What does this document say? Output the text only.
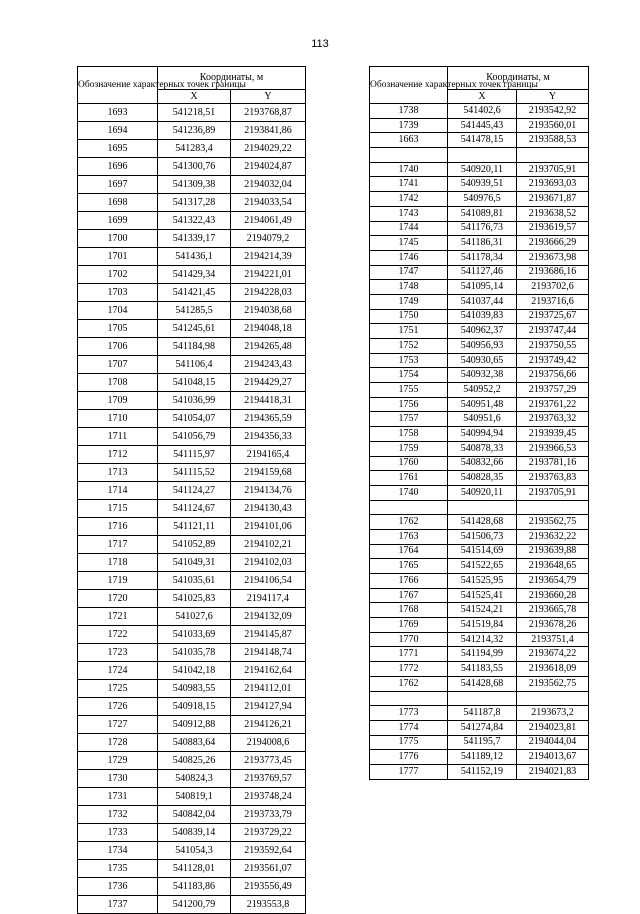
113
Обозначение характерных точек границы	Координаты, м	
	X	Y
1693	541218,51	2193768,87
1694	541236,89	2193841,86
1695	541283,4	2194029,22
1696	541300,76	2194024,87
1697	541309,38	2194032,04
1698	541317,28	2194033,54
1699	541322,43	2194061,49
1700	541339,17	2194079,2
1701	541436,1	2194214,39
1702	541429,34	2194221,01
1703	541421,45	2194228,03
1704	541285,5	2194038,68
1705	541245,61	2194048,18
1706	541184,98	2194265,48
1707	541106,4	2194243,43
1708	541048,15	2194429,27
1709	541036,99	2194418,31
1710	541054,07	2194365,59
1711	541056,79	2194356,33
1712	541115,97	2194165,4
1713	541115,52	2194159,68
1714	541124,27	2194134,76
1715	541124,67	2194130,43
1716	541121,11	2194101,06
1717	541052,89	2194102,21
1718	541049,31	2194102,03
1719	541035,61	2194106,54
1720	541025,83	2194117,4
1721	541027,6	2194132,09
1722	541033,69	2194145,87
1723	541035,78	2194148,74
1724	541042,18	2194162,64
1725	540983,55	2194112,01
1726	540918,15	2194127,94
1727	540912,88	2194126,21
1728	540883,64	2194008,6
1729	540825,26	2193773,45
1730	540824,3	2193769,57
1731	540819,1	2193748,24
1732	540842,04	2193733,79
1733	540839,14	2193729,22
1734	541054,3	2193592,64
1735	541128,01	2193561,07
1736	541183,86	2193556,49
1737	541200,79	2193553,8
Обозначение характерных точек границы	Координаты, м	
	X	Y
1738	541402,6	2193542,92
1739	541445,43	2193560,01
1663	541478,15	2193588,53

1740	540920,11	2193705,91
1741	540939,51	2193693,03
1742	540976,5	2193671,87
1743	541089,81	2193638,52
1744	541176,73	2193619,57
1745	541186,31	2193666,29
1746	541178,34	2193673,98
1747	541127,46	2193686,16
1748	541095,14	2193702,6
1749	541037,44	2193716,6
1750	541039,83	2193725,67
1751	540962,37	2193747,44
1752	540956,93	2193750,55
1753	540930,65	2193749,42
1754	540932,38	2193756,66
1755	540952,2	2193757,29
1756	540951,48	2193761,22
1757	540951,6	2193763,32
1758	540994,94	2193939,45
1759	540878,33	2193966,53
1760	540832,66	2193781,16
1761	540828,35	2193763,83
1740	540920,11	2193705,91

1762	541428,68	2193562,75
1763	541506,73	2193632,22
1764	541514,69	2193639,88
1765	541522,65	2193648,65
1766	541525,95	2193654,79
1767	541525,41	2193660,28
1768	541524,21	2193665,78
1769	541519,84	2193678,26
1770	541214,32	2193751,4
1771	541194,99	2193674,22
1772	541183,55	2193618,09
1762	541428,68	2193562,75

1773	541187,8	2193673,2
1774	541274,84	2194023,81
1775	541195,7	2194044,04
1776	541189,12	2194013,67
1777	541152,19	2194021,83
